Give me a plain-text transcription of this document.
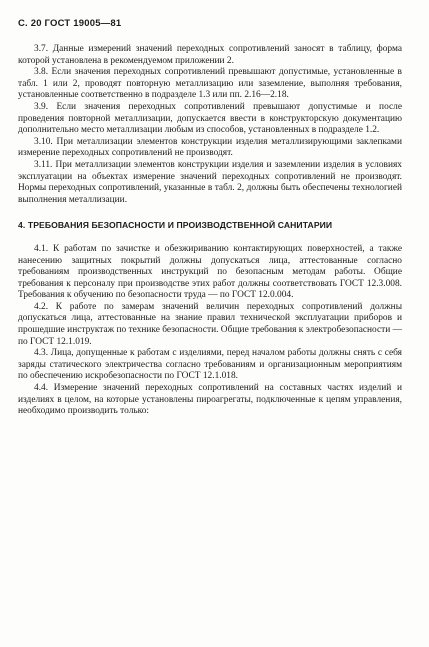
С. 20 ГОСТ 19005—81

3.7. Данные измерений значений переходных сопротивлений заносят в таблицу, форма которой установлена в рекомендуемом приложении 2.

3.8. Если значения переходных сопротивлений превышают допустимые, установленные в табл. 1 или 2, проводят повторную металлизацию или заземление, выполняя требования, установленные соответственно в подразделе 1.3 или пп. 2.16—2.18.

3.9. Если значения переходных сопротивлений превышают допустимые и после проведения повторной металлизации, допускается ввести в конструкторскую документацию дополнительно место металлизации любым из способов, установленных в подразделе 1.2.

3.10. При металлизации элементов конструкции изделия металлизирующими заклепками измерение переходных сопротивлений не производят.

3.11. При металлизации элементов конструкции изделия и заземлении изделия в условиях эксплуатации на объектах измерение значений переходных сопротивлений не производят. Нормы переходных сопротивлений, указанные в табл. 2, должны быть обеспечены технологией выполнения металлизации.

4. ТРЕБОВАНИЯ БЕЗОПАСНОСТИ И ПРОИЗВОДСТВЕННОЙ САНИТАРИИ

4.1. К работам по зачистке и обезжириванию контактирующих поверхностей, а также нанесению защитных покрытий должны допускаться лица, аттестованные согласно требованиям производственных инструкций по безопасным методам работы. Общие требования к персоналу при производстве этих работ должны соответствовать ГОСТ 12.3.008. Требования к обучению по безопасности труда — по ГОСТ 12.0.004.

4.2. К работе по замерам значений величин переходных сопротивлений должны допускаться лица, аттестованные на знание правил технической эксплуатации приборов и прошедшие инструктаж по технике безопасности. Общие требования к электробезопасности — по ГОСТ 12.1.019.

4.3. Лица, допущенные к работам с изделиями, перед началом работы должны снять с себя заряды статического электричества согласно требованиям и организационным мероприятиям по обеспечению искробезопасности по ГОСТ 12.1.018.

4.4. Измерение значений переходных сопротивлений на составных частях изделий и изделиях в целом, на которые установлены пироагрегаты, подключенные к цепям управления, необходимо производить только:
